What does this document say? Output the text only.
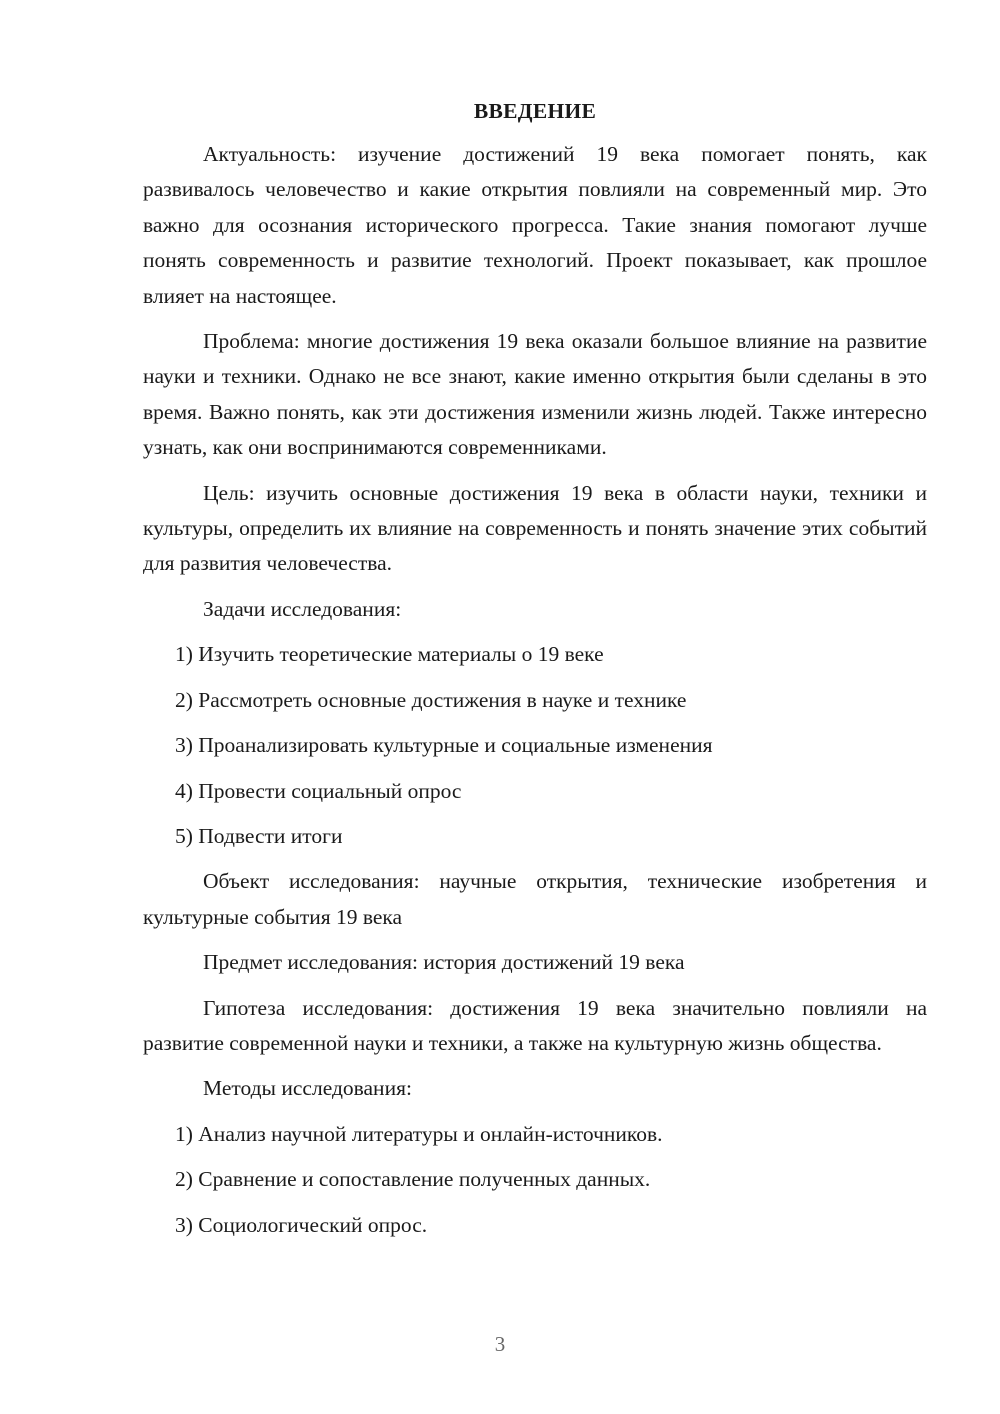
ВВЕДЕНИЕ

Актуальность: изучение достижений 19 века помогает понять, как развивалось человечество и какие открытия повлияли на современный мир. Это важно для осознания исторического прогресса. Такие знания помогают лучше понять современность и развитие технологий. Проект показывает, как прошлое влияет на настоящее.

Проблема: многие достижения 19 века оказали большое влияние на развитие науки и техники. Однако не все знают, какие именно открытия были сделаны в это время. Важно понять, как эти достижения изменили жизнь людей. Также интересно узнать, как они воспринимаются современниками.

Цель: изучить основные достижения 19 века в области науки, техники и культуры, определить их влияние на современность и понять значение этих событий для развития человечества.

Задачи исследования:

1) Изучить теоретические материалы о 19 веке

2) Рассмотреть основные достижения в науке и технике

3) Проанализировать культурные и социальные изменения

4) Провести социальный опрос

5) Подвести итоги

Объект исследования: научные открытия, технические изобретения и культурные события 19 века

Предмет исследования: история достижений 19 века

Гипотеза исследования: достижения 19 века значительно повлияли на развитие современной науки и техники, а также на культурную жизнь общества.

Методы исследования:

1) Анализ научной литературы и онлайн-источников.

2) Сравнение и сопоставление полученных данных.

3) Социологический опрос.

3
